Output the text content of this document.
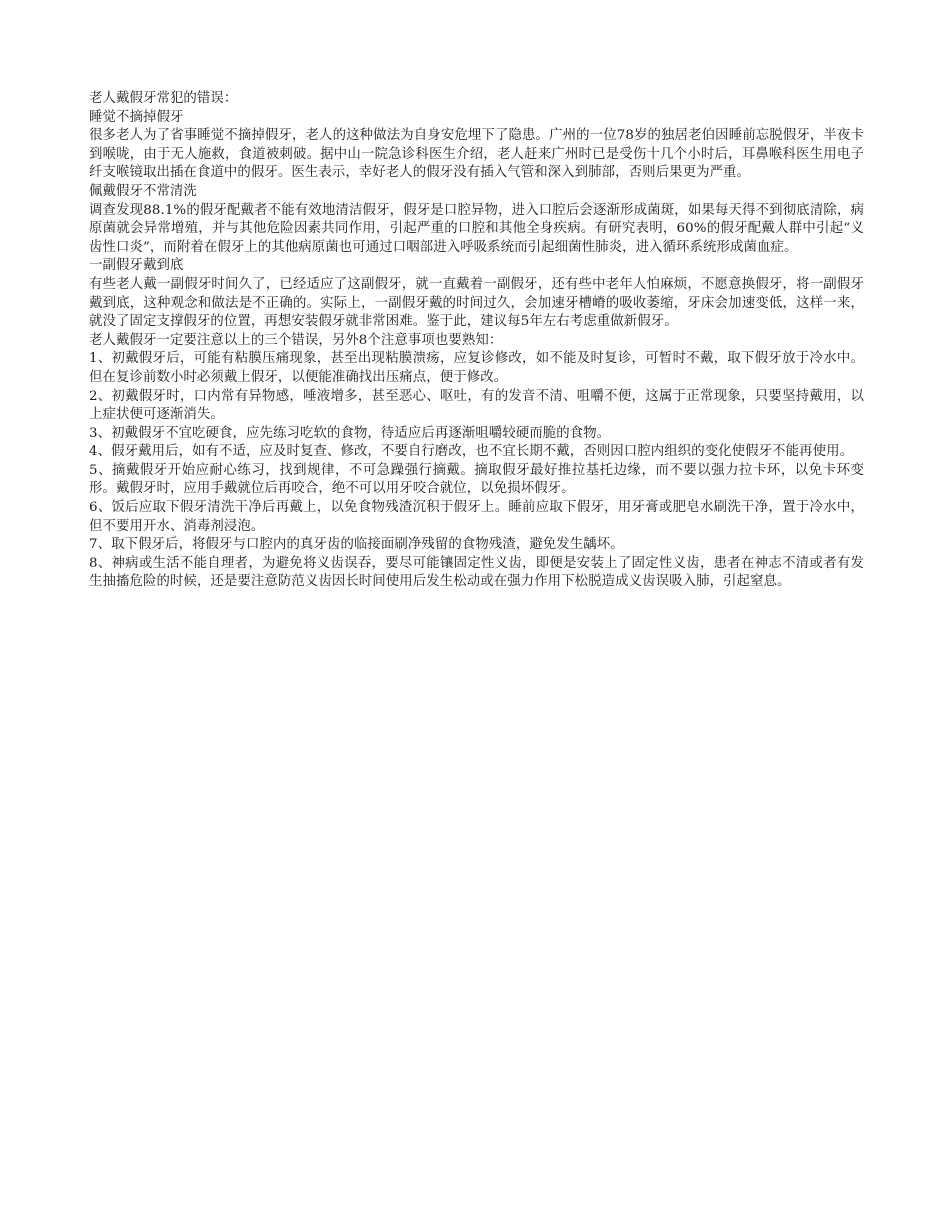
老人戴假牙常犯的错误：

睡觉不摘掉假牙

很多老人为了省事睡觉不摘掉假牙，老人的这种做法为自身安危埋下了隐患。广州的一位78岁的独居老伯因睡前忘脱假牙，半夜卡到喉咙，由于无人施救，食道被刺破。据中山一院急诊科医生介绍，老人赶来广州时已是受伤十几个小时后，耳鼻喉科医生用电子纤支喉镜取出插在食道中的假牙。医生表示，幸好老人的假牙没有插入气管和深入到肺部，否则后果更为严重。

佩戴假牙不常清洗

调查发现88.1%的假牙配戴者不能有效地清洁假牙，假牙是口腔异物，进入口腔后会逐渐形成菌斑，如果每天得不到彻底清除，病原菌就会异常增殖，并与其他危险因素共同作用，引起严重的口腔和其他全身疾病。有研究表明，60%的假牙配戴人群中引起“义齿性口炎”，而附着在假牙上的其他病原菌也可通过口咽部进入呼吸系统而引起细菌性肺炎，进入循环系统形成菌血症。

一副假牙戴到底

有些老人戴一副假牙时间久了，已经适应了这副假牙，就一直戴着一副假牙，还有些中老年人怕麻烦，不愿意换假牙，将一副假牙戴到底，这种观念和做法是不正确的。实际上，一副假牙戴的时间过久，会加速牙槽嵴的吸收萎缩，牙床会加速变低，这样一来，就没了固定支撑假牙的位置，再想安装假牙就非常困难。鉴于此，建议每5年左右考虑重做新假牙。

老人戴假牙一定要注意以上的三个错误，另外8个注意事项也要熟知：

1、初戴假牙后，可能有粘膜压痛现象，甚至出现粘膜溃疡，应复诊修改，如不能及时复诊，可暂时不戴，取下假牙放于冷水中。但在复诊前数小时必须戴上假牙，以便能准确找出压痛点，便于修改。

2、初戴假牙时，口内常有异物感，唾液增多，甚至恶心、呕吐，有的发音不清、咀嚼不便，这属于正常现象，只要坚持戴用，以上症状便可逐渐消失。

3、初戴假牙不宜吃硬食，应先练习吃软的食物，待适应后再逐渐咀嚼较硬而脆的食物。

4、假牙戴用后，如有不适，应及时复查、修改，不要自行磨改，也不宜长期不戴，否则因口腔内组织的变化使假牙不能再使用。

5、摘戴假牙开始应耐心练习，找到规律，不可急躁强行摘戴。摘取假牙最好推拉基托边缘，而不要以强力拉卡环，以免卡环变形。戴假牙时，应用手戴就位后再咬合，绝不可以用牙咬合就位，以免损坏假牙。

6、饭后应取下假牙清洗干净后再戴上，以免食物残渣沉积于假牙上。睡前应取下假牙，用牙膏或肥皂水刷洗干净，置于冷水中，但不要用开水、消毒剂浸泡。

7、取下假牙后，将假牙与口腔内的真牙齿的临接面刷净残留的食物残渣，避免发生龋坏。

8、神病或生活不能自理者，为避免将义齿误吞，要尽可能镶固定性义齿，即便是安装上了固定性义齿，患者在神志不清或者有发生抽搐危险的时候，还是要注意防范义齿因长时间使用后发生松动或在强力作用下松脱造成义齿误吸入肺，引起窒息。
